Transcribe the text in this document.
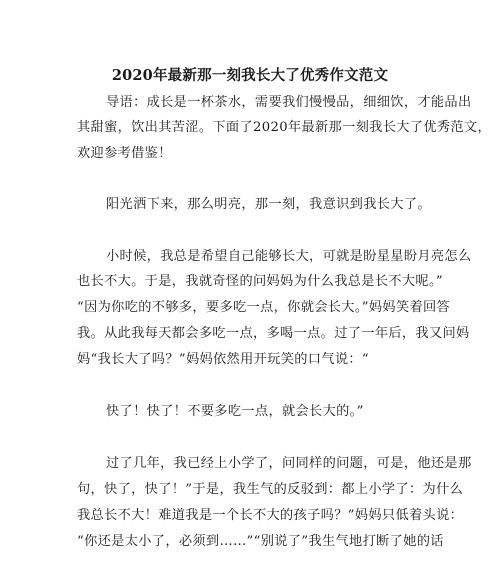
2020年最新那一刻我长大了优秀作文范文
导语：成长是一杯茶水，需要我们慢慢品，细细饮，才能品出
其甜蜜，饮出其苦涩。下面了2020年最新那一刻我长大了优秀范文，
欢迎参考借鉴！
阳光洒下来，那么明亮，那一刻，我意识到我长大了。
小时候，我总是希望自己能够长大，可就是盼星星盼月亮怎么
也长不大。于是，我就奇怪的问妈妈为什么我总是长不大呢。”
“因为你吃的不够多，要多吃一点，你就会长大。”妈妈笑着回答
我。从此我每天都会多吃一点，多喝一点。过了一年后，我又问妈
妈“我长大了吗？”妈妈依然用开玩笑的口气说：“
快了！快了！不要多吃一点，就会长大的。”
过了几年，我已经上小学了，问同样的问题，可是，他还是那
句，快了，快了！”于是，我生气的反驳到：都上小学了：为什么
我总长不大！难道我是一个长不大的孩子吗？”妈妈只低着头说：
“你还是太小了，必须到……”“别说了”我生气地打断了她的话
